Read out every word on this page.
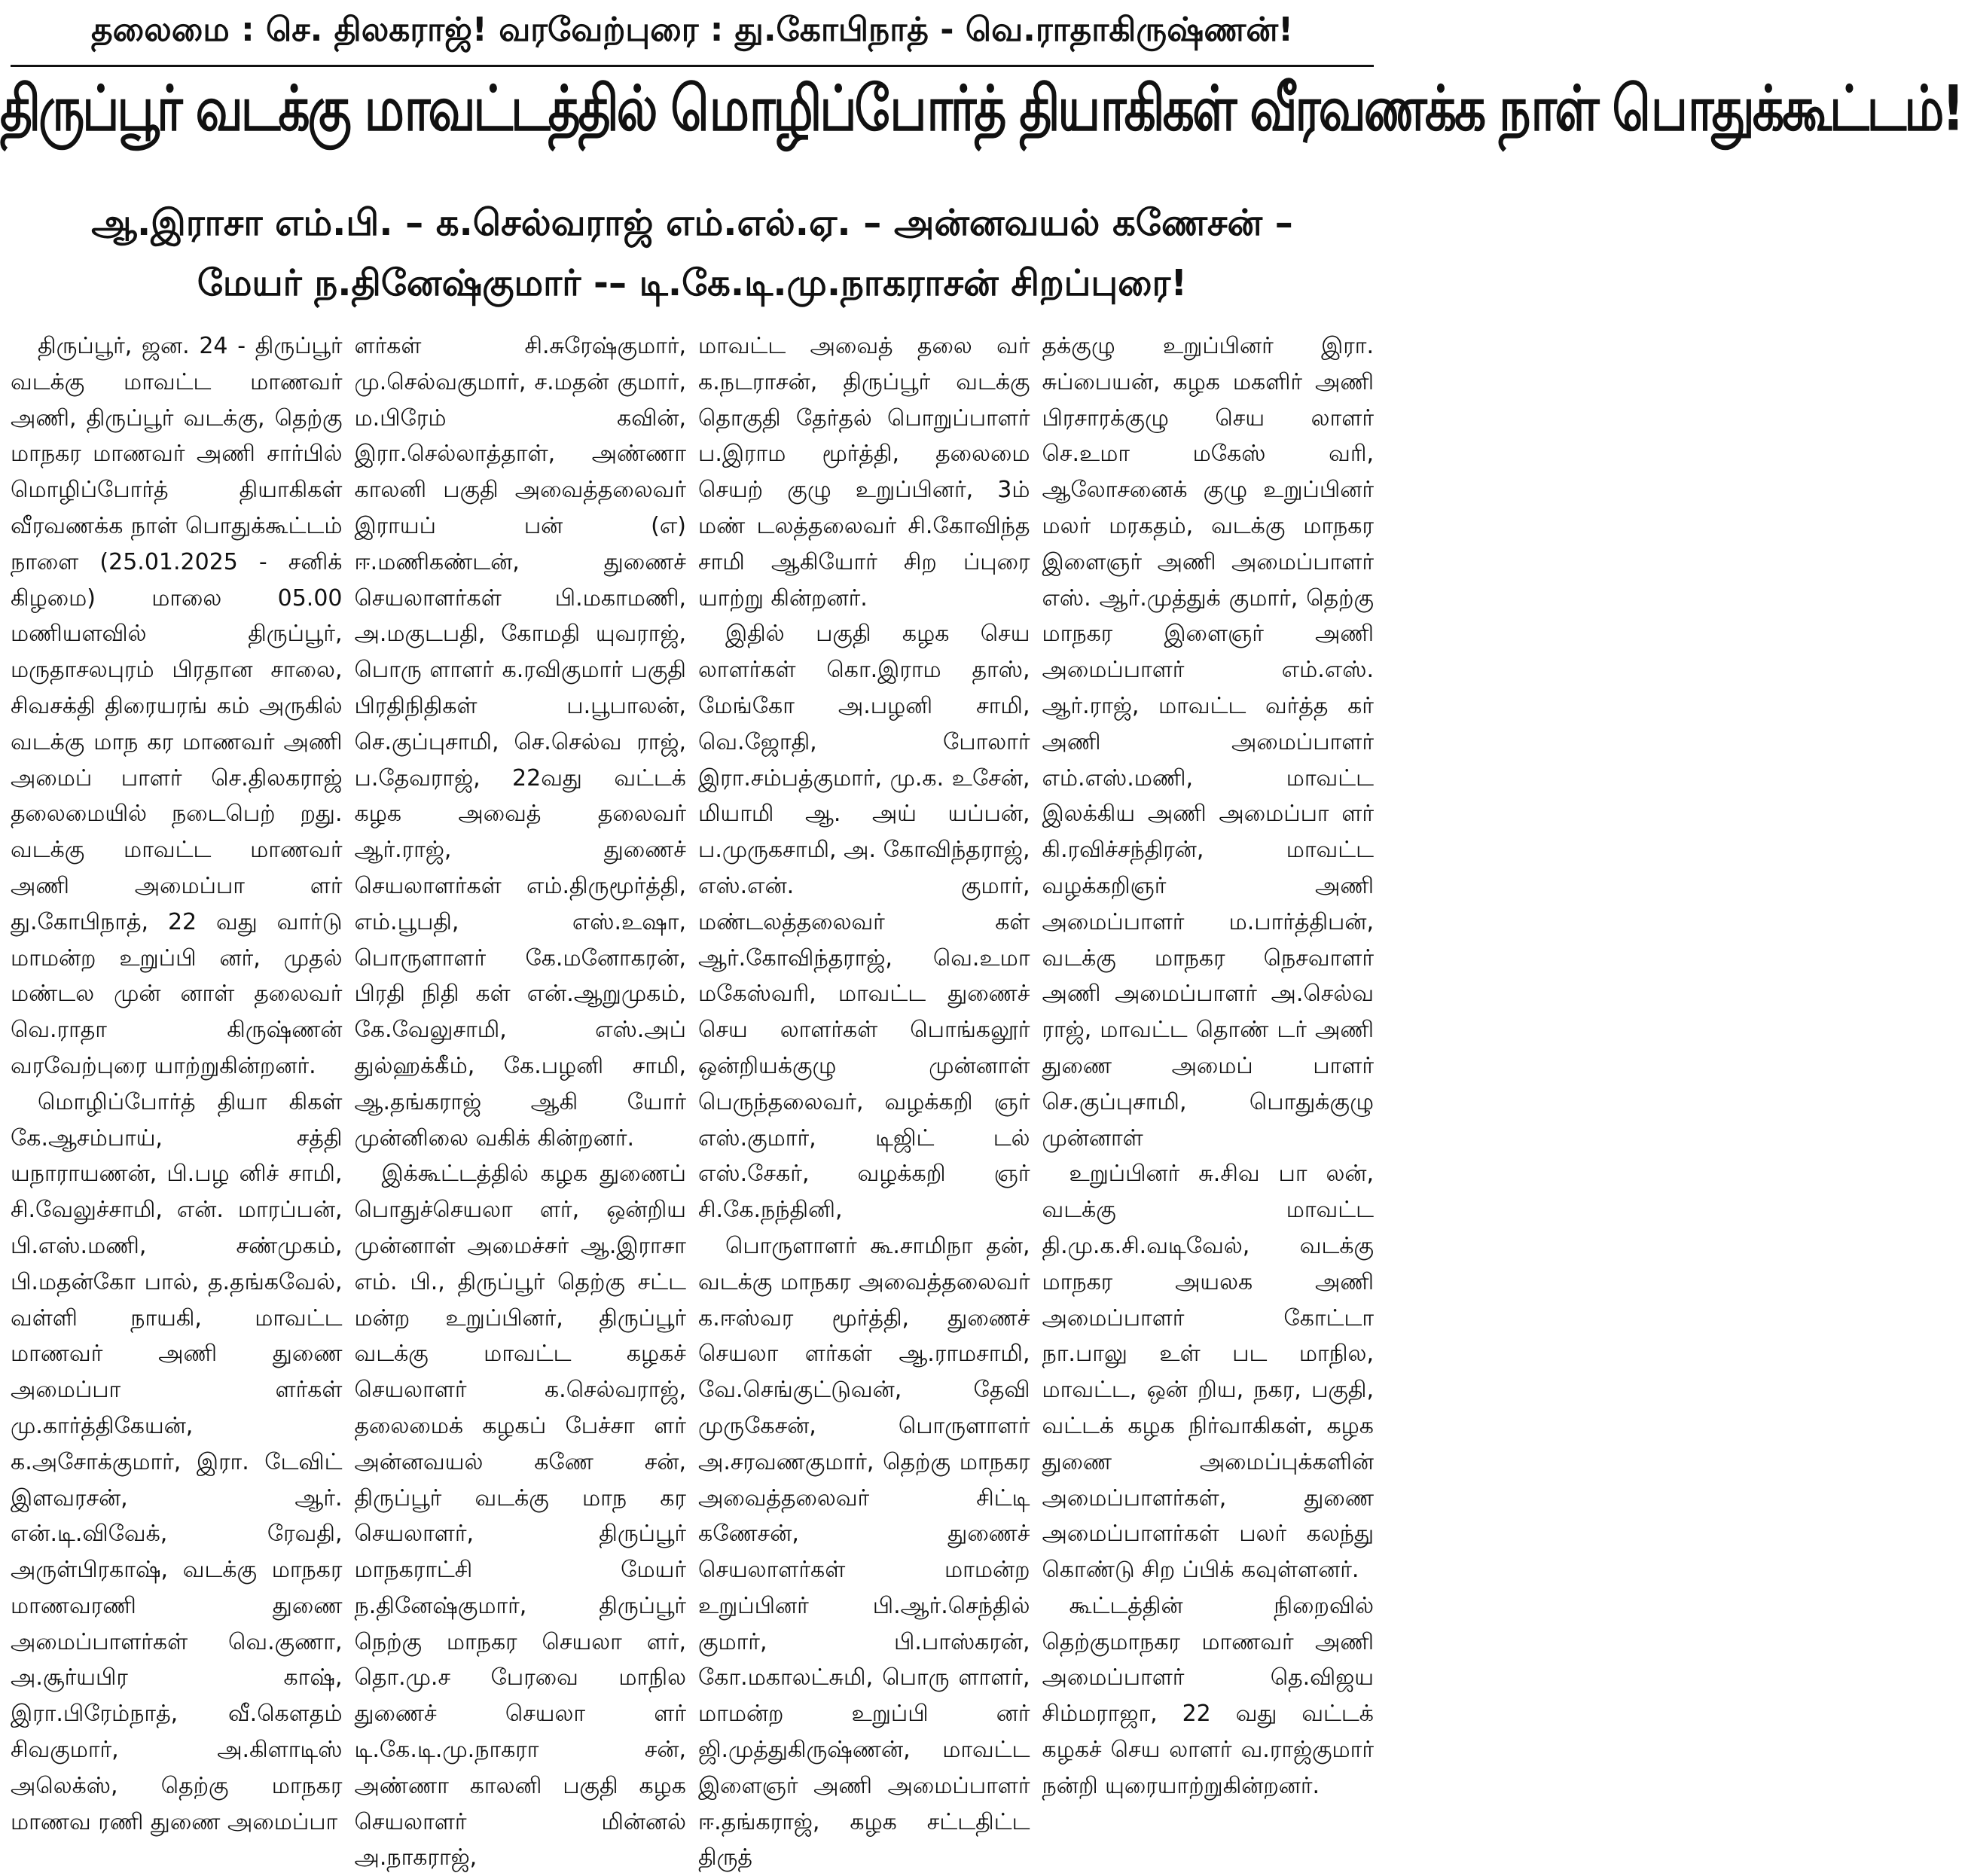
தலைமை : செ. திலகராஜ்! வரவேற்புரை : து.கோபிநாத் - வெ.ராதாகிருஷ்ணன்!
திருப்பூர் வடக்கு மாவட்டத்தில் மொழிப்போர்த் தியாகிகள் வீரவணக்க நாள் பொதுக்கூட்டம்!
ஆ.இராசா எம்.பி. – க.செல்வராஜ் எம்.எல்.ஏ. – அன்னவயல் கணேசன் –
மேயர் ந.தினேஷ்குமார் -– டி.கே.டி.மு.நாகராசன் சிறப்புரை!

திருப்பூர், ஜன. 24 - திருப்பூர் வடக்கு மாவட்ட மாணவர் அணி, திருப்பூர் வடக்கு, தெற்கு மாநகர மாணவர் அணி சார்பில் மொழிப்போர்த் தியாகிகள் வீரவணக்க நாள் பொதுக்கூட்டம் நாளை (25.01.2025 - சனிக் கிழமை) மாலை 05.00 மணியளவில் திருப்பூர், மருதாசலபுரம் பிரதான சாலை, சிவசக்தி திரையரங் கம் அருகில் வடக்கு மாந கர மாணவர் அணி அமைப் பாளர் செ.திலகராஜ் தலைமையில் நடைபெற் றது. வடக்கு மாவட்ட மாணவர் அணி அமைப்பா ளர் து.கோபிநாத், 22 வது வார்டு மாமன்ற உறுப்பி னர், முதல் மண்டல முன் னாள் தலைவர் வெ.ராதா கிருஷ்ணன் வரவேற்புரை யாற்றுகின்றனர்.

மொழிப்போர்த் தியா கிகள் கே.ஆசம்பாய், சத்தி யநாராயணன், பி.பழ னிச் சாமி, சி.வேலுச்சாமி, என். மாரப்பன், பி.எஸ்.மணி, சண்முகம், பி.மதன்கோ பால், த.தங்கவேல், வள்ளி நாயகி, மாவட்ட மாணவர் அணி துணை அமைப்பா ளர்கள் மு.கார்த்திகேயன், க.அசோக்குமார், இரா. டேவிட் இளவரசன், ஆர். என்.டி.விவேக், ரேவதி, அருள்பிரகாஷ், வடக்கு மாநகர மாணவரணி துணை அமைப்பாளர்கள் வெ.குணா, அ.சூர்யபிர காஷ், இரா.பிரேம்நாத், வீ.கௌதம் சிவகுமார், அ.கிளாடிஸ் அலெக்ஸ், தெற்கு மாநகர மாணவ ரணி துணை அமைப்பா

ளர்கள் சி.சுரேஷ்குமார், மு.செல்வகுமார், ச.மதன் குமார், ம.பிரேம் கவின், இரா.செல்லாத்தாள், அண்ணா காலனி பகுதி அவைத்தலைவர் இராயப் பன் (எ) ஈ.மணிகண்டன், துணைச் செயலாளர்கள் பி.மகாமணி, அ.மகுடபதி, கோமதி யுவராஜ், பொரு ளாளர் க.ரவிகுமார் பகுதி பிரதிநிதிகள் ப.பூபாலன், செ.குப்புசாமி, செ.செல்வ ராஜ், ப.தேவராஜ், 22வது வட்டக் கழக அவைத் தலைவர் ஆர்.ராஜ், துணைச் செயலாளர்கள் எம்.திருமூர்த்தி, எம்.பூபதி, எஸ்.உஷா, பொருளாளர் கே.மனோகரன், பிரதி நிதி கள் என்.ஆறுமுகம், கே.வேலுசாமி, எஸ்.அப் துல்ஹக்கீம், கே.பழனி சாமி, ஆ.தங்கராஜ் ஆகி யோர் முன்னிலை வகிக் கின்றனர்.

இக்கூட்டத்தில் கழக துணைப் பொதுச்செயலா ளர், ஒன்றிய முன்னாள் அமைச்சர் ஆ.இராசா எம். பி., திருப்பூர் தெற்கு சட்ட மன்ற உறுப்பினர், திருப்பூர் வடக்கு மாவட்ட கழகச் செயலாளர் க.செல்வராஜ், தலைமைக் கழகப் பேச்சா ளர் அன்னவயல் கணே சன், திருப்பூர் வடக்கு மாந கர செயலாளர், திருப்பூர் மாநகராட்சி மேயர் ந.தினேஷ்குமார், திருப்பூர் நெற்கு மாநகர செயலா ளர், தொ.மு.ச பேரவை மாநில துணைச் செயலா ளர் டி.கே.டி.மு.நாகரா சன், அண்ணா காலனி பகுதி கழக செயலாளர் மின்னல் அ.நாகராஜ்,

மாவட்ட அவைத் தலை வர் க.நடராசன், திருப்பூர் வடக்கு தொகுதி தேர்தல் பொறுப்பாளர் ப.இராம மூர்த்தி, தலைமை செயற் குழு உறுப்பினர், 3ம் மண் டலத்தலைவர் சி.கோவிந்த சாமி ஆகியோர் சிற ப்புரை யாற்று கின்றனர்.

இதில் பகுதி கழக செய லாளர்கள் கொ.இராம தாஸ், மேங்கோ அ.பழனி சாமி, வெ.ஜோதி, போலார் இரா.சம்பத்குமார், மு.க. உசேன், மியாமி ஆ. அய் யப்பன், ப.முருகசாமி, அ. கோவிந்தராஜ், எஸ்.என். குமார், மண்டலத்தலைவர் கள் ஆர்.கோவிந்தராஜ், வெ.உமா மகேஸ்வரி, மாவட்ட துணைச் செய லாளர்கள் பொங்கலூர் ஒன்றியக்குழு முன்னாள் பெருந்தலைவர், வழக்கறி ஞர் எஸ்.குமார், டிஜிட் டல் எஸ்.சேகர், வழக்கறி ஞர் சி.கே.நந்தினி,

பொருளாளர் கூ.சாமிநா தன், வடக்கு மாநகர அவைத்தலைவர் க.ஈஸ்வர மூர்த்தி, துணைச் செயலா ளர்கள் ஆ.ராமசாமி, வே.செங்குட்டுவன், தேவி முருகேசன், பொருளாளர் அ.சரவணகுமார், தெற்கு மாநகர அவைத்தலைவர் சிட்டி கணேசன், துணைச் செயலாளர்கள் மாமன்ற உறுப்பினர் பி.ஆர்.செந்தில் குமார், பி.பாஸ்கரன், கோ.மகாலட்சுமி, பொரு ளாளர், மாமன்ற உறுப்பி னர் ஜி.முத்துகிருஷ்ணன், மாவட்ட இளைஞர் அணி அமைப்பாளர் ஈ.தங்கராஜ், கழக சட்டதிட்ட திருத்

தக்குழு உறுப்பினர் இரா. சுப்பையன், கழக மகளிர் அணி பிரசாரக்குழு செய லாளர் செ.உமா மகேஸ் வரி, ஆலோசனைக் குழு உறுப்பினர் மலர் மரகதம், வடக்கு மாநகர இளைஞர் அணி அமைப்பாளர் எஸ். ஆர்.முத்துக் குமார், தெற்கு மாநகர இளைஞர் அணி அமைப்பாளர் எம்.எஸ். ஆர்.ராஜ், மாவட்ட வர்த்த கர் அணி அமைப்பாளர் எம்.எஸ்.மணி, மாவட்ட இலக்கிய அணி அமைப்பா ளர் கி.ரவிச்சந்திரன், மாவட்ட வழக்கறிஞர் அணி அமைப்பாளர் ம.பார்த்திபன், வடக்கு மாநகர நெசவாளர் அணி அமைப்பாளர் அ.செல்வ ராஜ், மாவட்ட தொண் டர் அணி துணை அமைப் பாளர் செ.குப்புசாமி, பொதுக்குழு முன்னாள்

உறுப்பினர் சு.சிவ பா லன், வடக்கு மாவட்ட தி.மு.க.சி.வடிவேல், வடக்கு மாநகர அயலக அணி அமைப்பாளர் கோட்டா நா.பாலு உள் பட மாநில, மாவட்ட, ஒன் றிய, நகர, பகுதி, வட்டக் கழக நிர்வாகிகள், கழக துணை அமைப்புக்களின் அமைப்பாளர்கள், துணை அமைப்பாளர்கள் பலர் கலந்து கொண்டு சிற ப்பிக் கவுள்ளனர்.

கூட்டத்தின் நிறைவில் தெற்குமாநகர மாணவர் அணி அமைப்பாளர் தெ.விஜய சிம்மராஜா, 22 வது வட்டக் கழகச் செய லாளர் வ.ராஜ்குமார் நன்றி யுரையாற்றுகின்றனர்.
